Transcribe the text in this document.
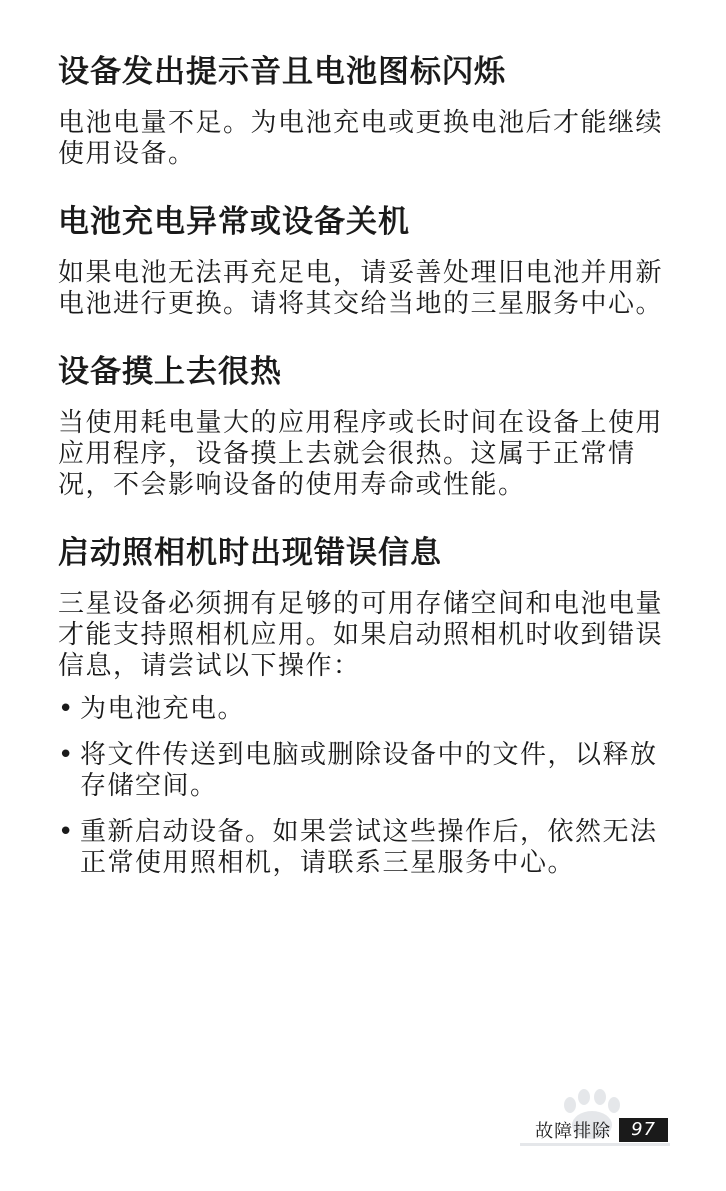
设备发出提示音且电池图标闪烁

电池电量不足。为电池充电或更换电池后才能继续使用设备。

电池充电异常或设备关机

如果电池无法再充足电，请妥善处理旧电池并用新电池进行更换。请将其交给当地的三星服务中心。

设备摸上去很热

当使用耗电量大的应用程序或长时间在设备上使用应用程序，设备摸上去就会很热。这属于正常情况，不会影响设备的使用寿命或性能。

启动照相机时出现错误信息

三星设备必须拥有足够的可用存储空间和电池电量才能支持照相机应用。如果启动照相机时收到错误信息，请尝试以下操作：

• 为电池充电。
• 将文件传送到电脑或删除设备中的文件，以释放存储空间。
• 重新启动设备。如果尝试这些操作后，依然无法正常使用照相机，请联系三星服务中心。
故障排除	97
